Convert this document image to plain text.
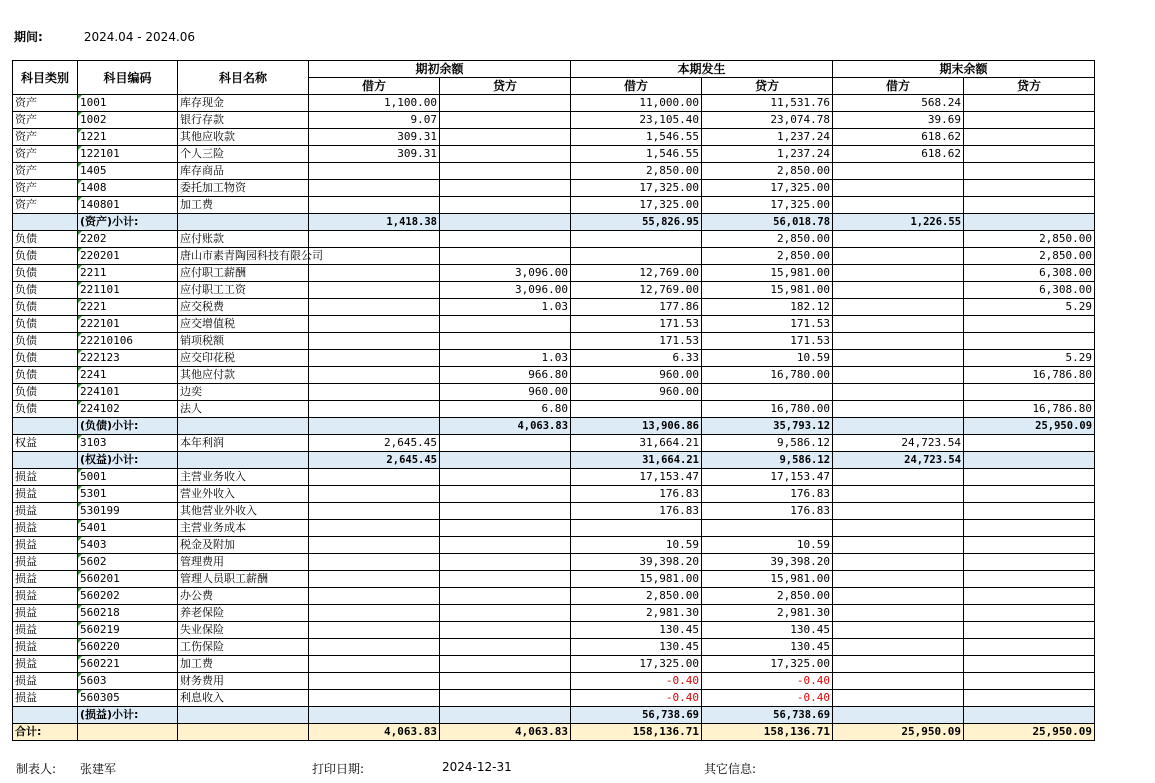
期间:	2024.04 - 2024.06
科目类别	科目编码	科目名称	期初余额		本期发生		期末余额	
			借方	贷方	借方	贷方	借方	贷方
资产	1001	库存现金	1,100.00		11,000.00	11,531.76	568.24	
资产	1002	银行存款	9.07		23,105.40	23,074.78	39.69	
资产	1221	其他应收款	309.31		1,546.55	1,237.24	618.62	
资产	122101	个人三险	309.31		1,546.55	1,237.24	618.62	
资产	1405	库存商品			2,850.00	2,850.00		
资产	1408	委托加工物资			17,325.00	17,325.00		
资产	140801	加工费			17,325.00	17,325.00		
	(资产)小计:		1,418.38		55,826.95	56,018.78	1,226.55	
负债	2202	应付账款				2,850.00		2,850.00
负债	220201	唐山市素青陶园科技有限公司				2,850.00		2,850.00
负债	2211	应付职工薪酬		3,096.00	12,769.00	15,981.00		6,308.00
负债	221101	应付职工工资		3,096.00	12,769.00	15,981.00		6,308.00
负债	2221	应交税费		1.03	177.86	182.12		5.29
负债	222101	应交增值税			171.53	171.53		
负债	22210106	销项税额			171.53	171.53		
负债	222123	应交印花税		1.03	6.33	10.59		5.29
负债	2241	其他应付款		966.80	960.00	16,780.00		16,786.80
负债	224101	边奕		960.00	960.00			
负债	224102	法人		6.80		16,780.00		16,786.80
	(负债)小计:			4,063.83	13,906.86	35,793.12		25,950.09
权益	3103	本年利润	2,645.45		31,664.21	9,586.12	24,723.54	
	(权益)小计:		2,645.45		31,664.21	9,586.12	24,723.54	
损益	5001	主营业务收入			17,153.47	17,153.47		
损益	5301	营业外收入			176.83	176.83		
损益	530199	其他营业外收入			176.83	176.83		
损益	5401	主营业务成本						
损益	5403	税金及附加			10.59	10.59		
损益	5602	管理费用			39,398.20	39,398.20		
损益	560201	管理人员职工薪酬			15,981.00	15,981.00		
损益	560202	办公费			2,850.00	2,850.00		
损益	560218	养老保险			2,981.30	2,981.30		
损益	560219	失业保险			130.45	130.45		
损益	560220	工伤保险			130.45	130.45		
损益	560221	加工费			17,325.00	17,325.00		
损益	5603	财务费用			-0.40	-0.40		
损益	560305	利息收入			-0.40	-0.40		
	(损益)小计:				56,738.69	56,738.69		
合计:			4,063.83	4,063.83	158,136.71	158,136.71	25,950.09	25,950.09
制表人: 张建军	打印日期:	2024-12-31	其它信息:
